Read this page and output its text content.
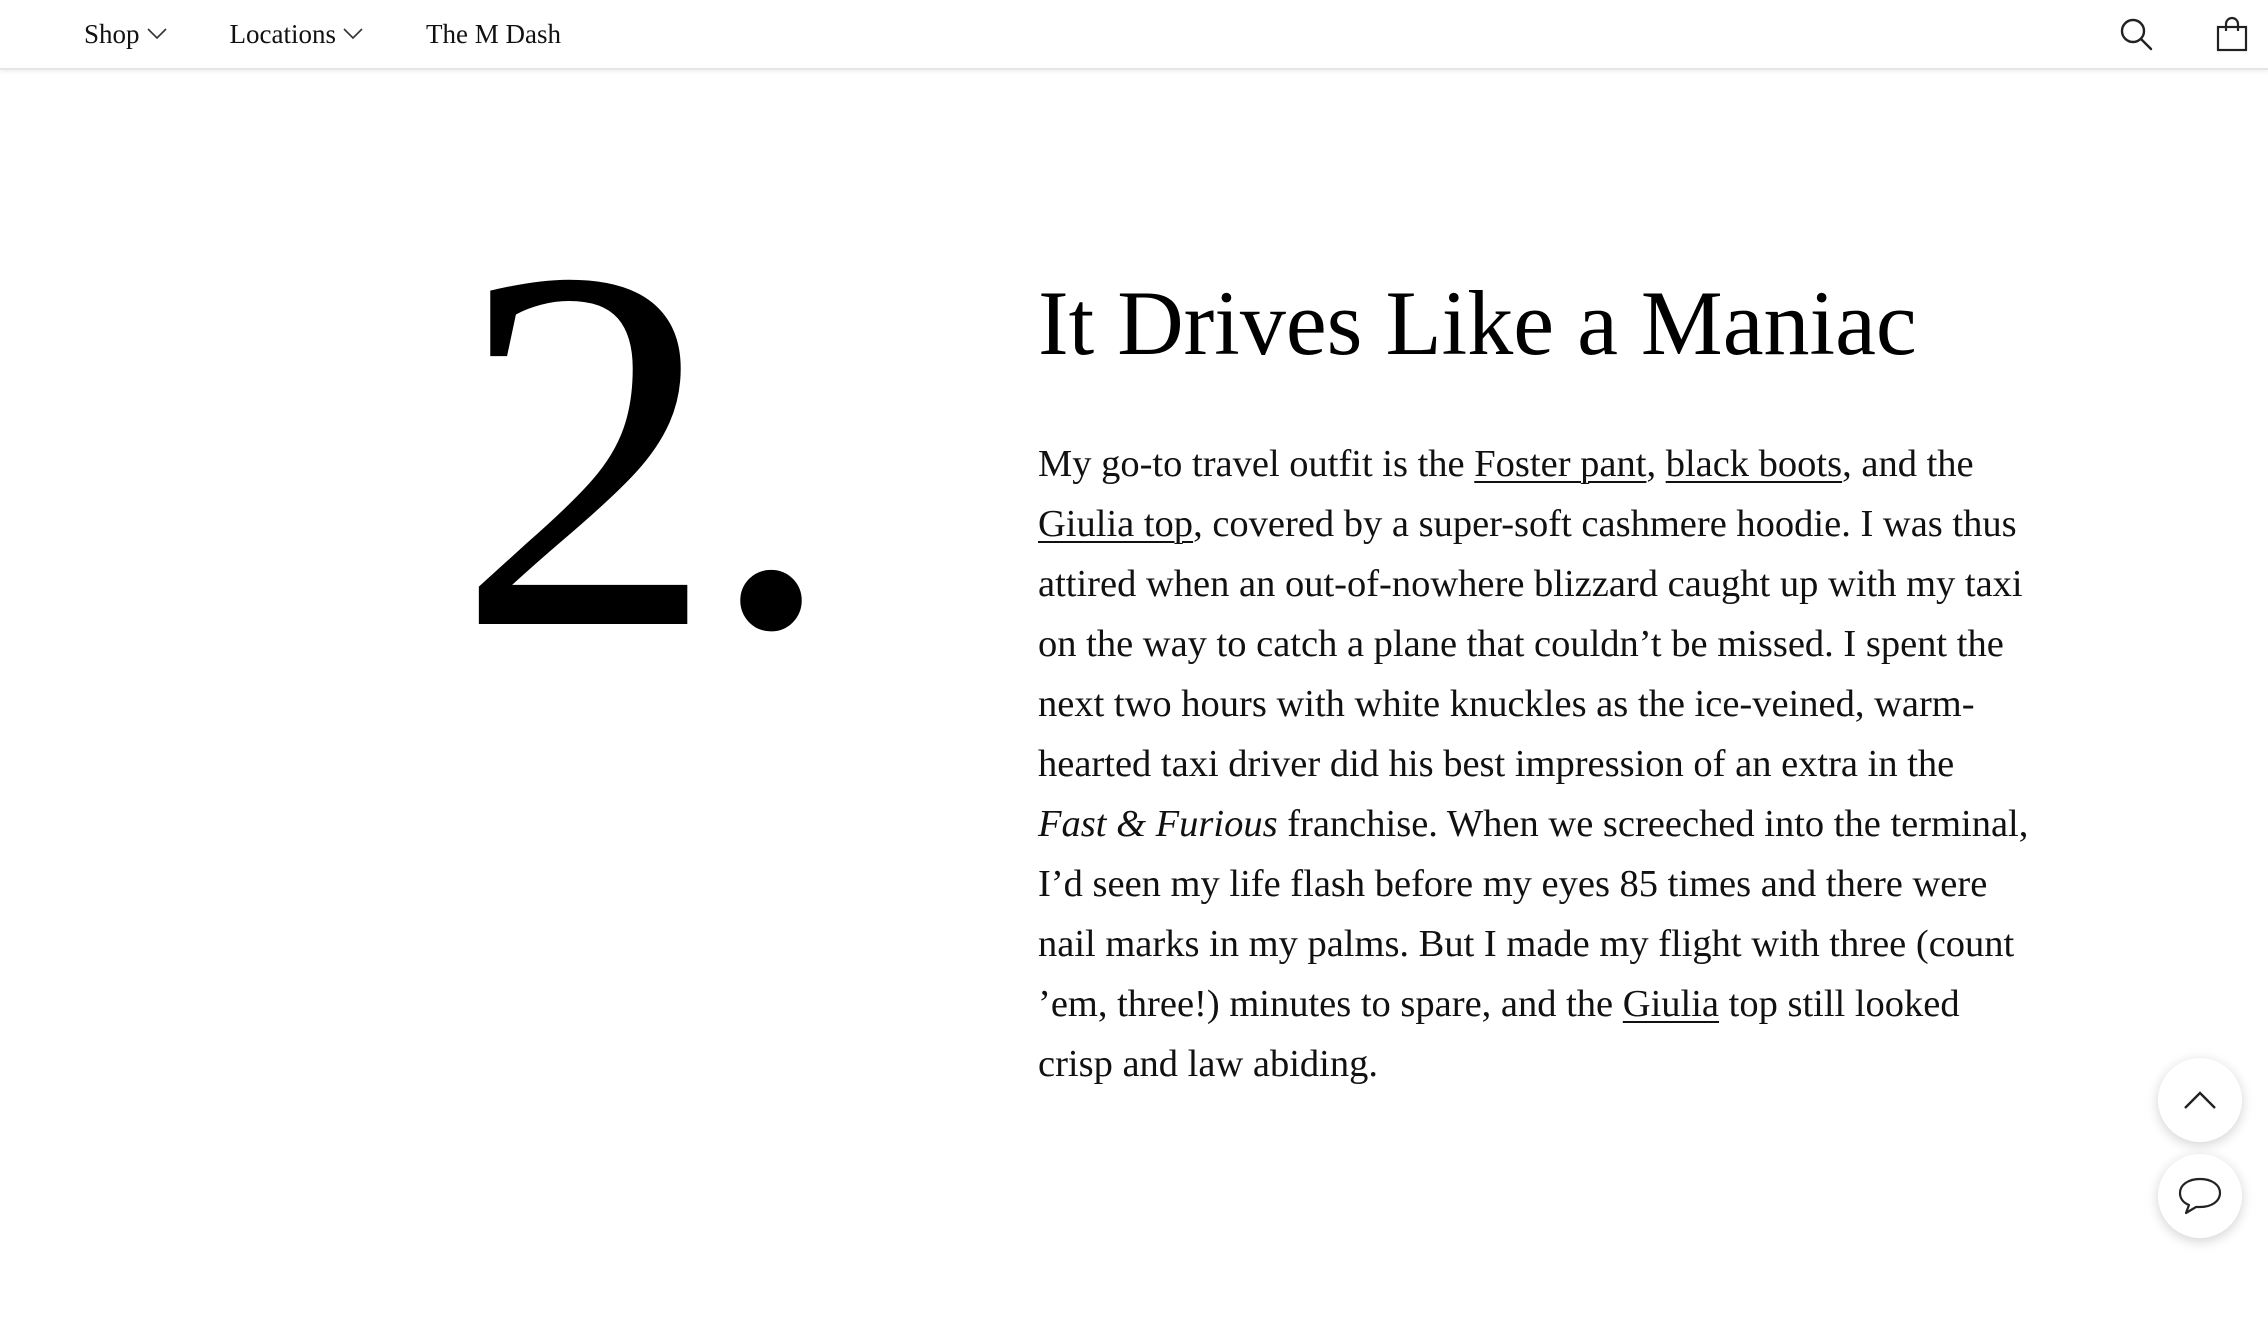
Shop	Locations	The M Dash
2. It Drives Like a Maniac

My go-to travel outfit is the Foster pant, black boots, and the
Giulia top, covered by a super-soft cashmere hoodie. I was thus
attired when an out-of-nowhere blizzard caught up with my taxi
on the way to catch a plane that couldn’t be missed. I spent the
next two hours with white knuckles as the ice-veined, warm-
hearted taxi driver did his best impression of an extra in the
Fast & Furious franchise. When we screeched into the terminal,
I’d seen my life flash before my eyes 85 times and there were
nail marks in my palms. But I made my flight with three (count
’em, three!) minutes to spare, and the Giulia top still looked
crisp and law abiding.
